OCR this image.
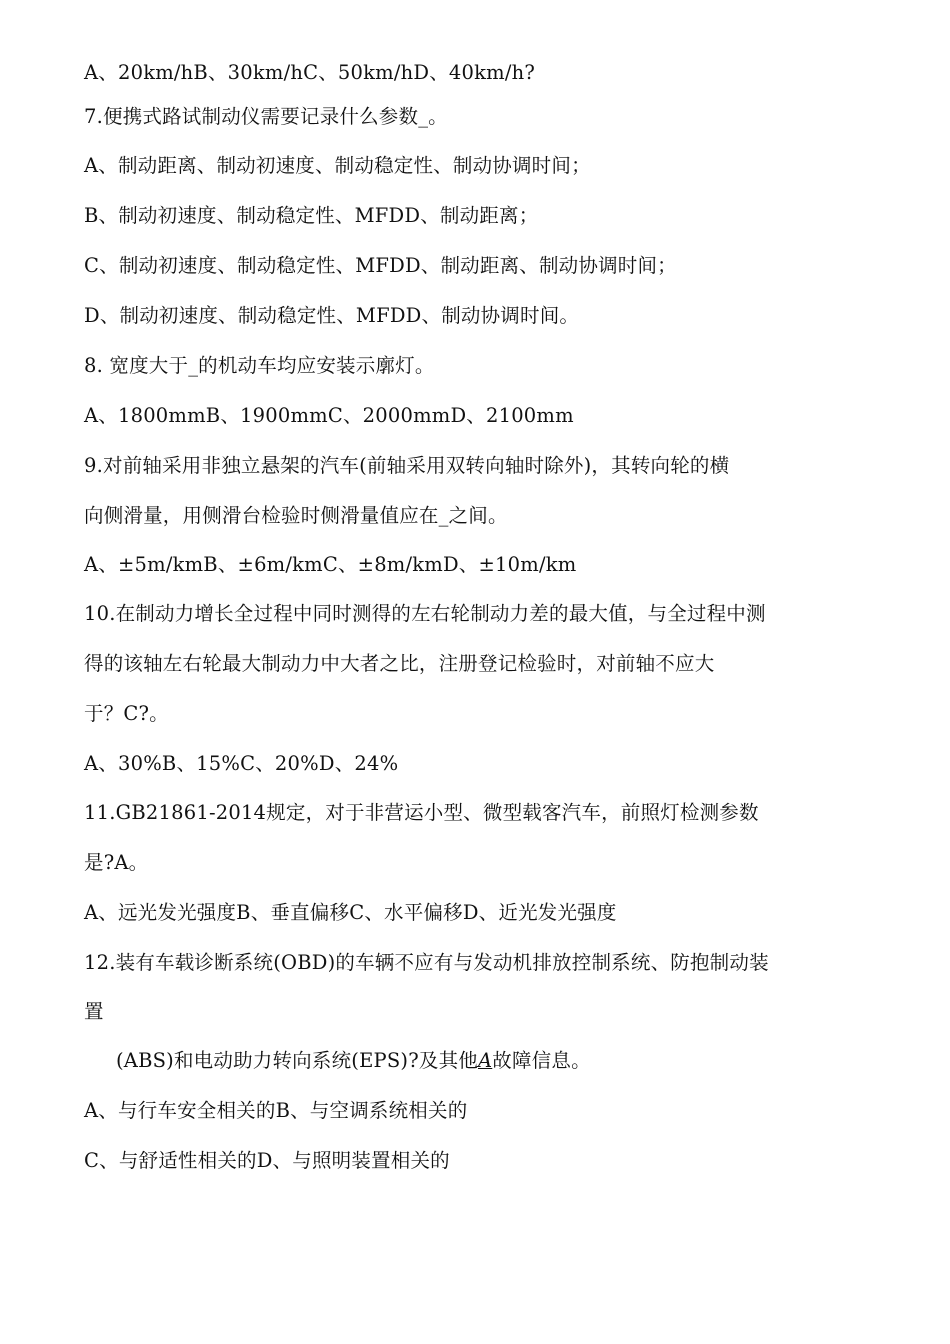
A、20km/hB、30km/hC、50km/hD、40km/h?
7.便携式路试制动仪需要记录什么参数_。
A、制动距离、制动初速度、制动稳定性、制动协调时间；
B、制动初速度、制动稳定性、MFDD、制动距离；
C、制动初速度、制动稳定性、MFDD、制动距离、制动协调时间；
D、制动初速度、制动稳定性、MFDD、制动协调时间。
8. 宽度大于_的机动车均应安装示廓灯。
A、1800mmB、1900mmC、2000mmD、2100mm
9.对前轴采用非独立悬架的汽车(前轴采用双转向轴时除外)，其转向轮的横
向侧滑量，用侧滑台检验时侧滑量值应在_之间。
A、±5m/kmB、±6m/kmC、±8m/kmD、±10m/km
10.在制动力增长全过程中同时测得的左右轮制动力差的最大值，与全过程中测
得的该轴左右轮最大制动力中大者之比，注册登记检验时，对前轴不应大
于？C?。
A、30%B、15%C、20%D、24%
11.GB21861-2014规定，对于非营运小型、微型载客汽车，前照灯检测参数
是?A。
A、远光发光强度B、垂直偏移C、水平偏移D、近光发光强度
12.装有车载诊断系统(OBD)的车辆不应有与发动机排放控制系统、防抱制动装
置
(ABS)和电动助力转向系统(EPS)?及其他A故障信息。
A、与行车安全相关的B、与空调系统相关的
C、与舒适性相关的D、与照明装置相关的
